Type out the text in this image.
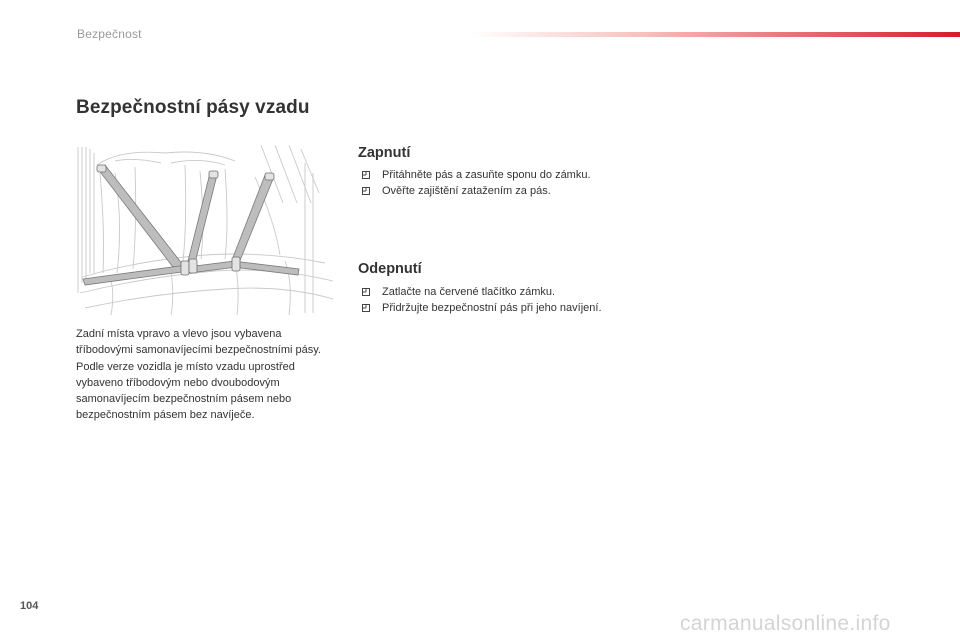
Bezpečnost
Bezpečnostní pásy vzadu

Zadní místa vpravo a vlevo jsou vybavena tříbodovými samonavíjecími bezpečnostními pásy.

Podle verze vozidla je místo vzadu uprostřed vybaveno tříbodovým nebo dvoubodovým samonavíjecím bezpečnostním pásem nebo bezpečnostním pásem bez navíječe.

Zapnutí
Přitáhněte pás a zasuňte sponu do zámku.
Ověřte zajištění zatažením za pás.
Odepnutí
Zatlačte na červené tlačítko zámku.
Přidržujte bezpečnostní pás při jeho navíjení.
104
carmanualsonline.info
